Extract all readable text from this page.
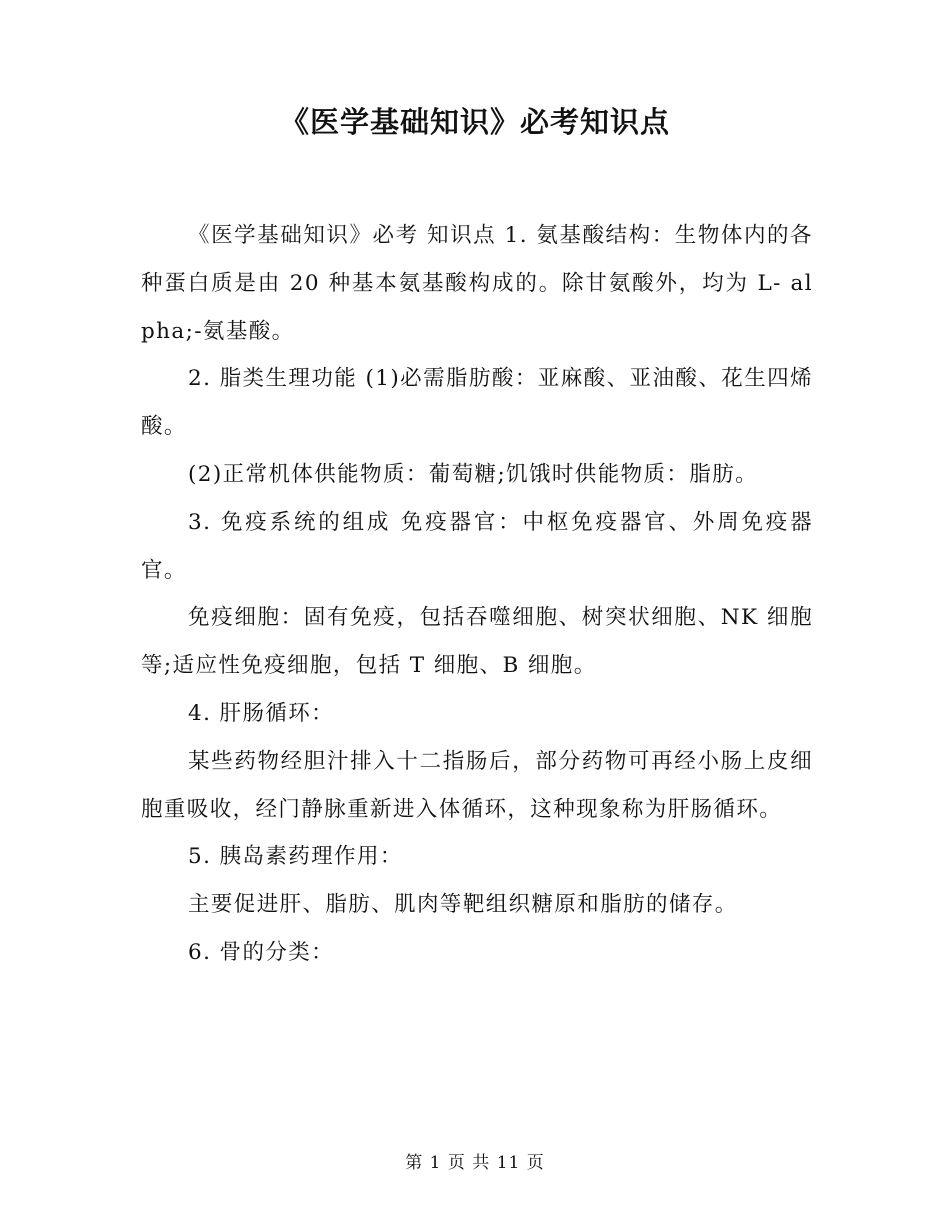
《医学基础知识》必考知识点

《医学基础知识》必考 知识点 1. 氨基酸结构：生物体内的各种蛋白质是由 20 种基本氨基酸构成的。除甘氨酸外，均为 L- alpha;-氨基酸。

2. 脂类生理功能 (1)必需脂肪酸：亚麻酸、亚油酸、花生四烯酸。

(2)正常机体供能物质：葡萄糖;饥饿时供能物质：脂肪。

3. 免疫系统的组成 免疫器官：中枢免疫器官、外周免疫器官。

免疫细胞：固有免疫，包括吞噬细胞、树突状细胞、NK 细胞等;适应性免疫细胞，包括 T 细胞、B 细胞。

4. 肝肠循环：

某些药物经胆汁排入十二指肠后，部分药物可再经小肠上皮细胞重吸收，经门静脉重新进入体循环，这种现象称为肝肠循环。

5. 胰岛素药理作用：

主要促进肝、脂肪、肌肉等靶组织糖原和脂肪的储存。

6. 骨的分类：

第 1 页 共 11 页
